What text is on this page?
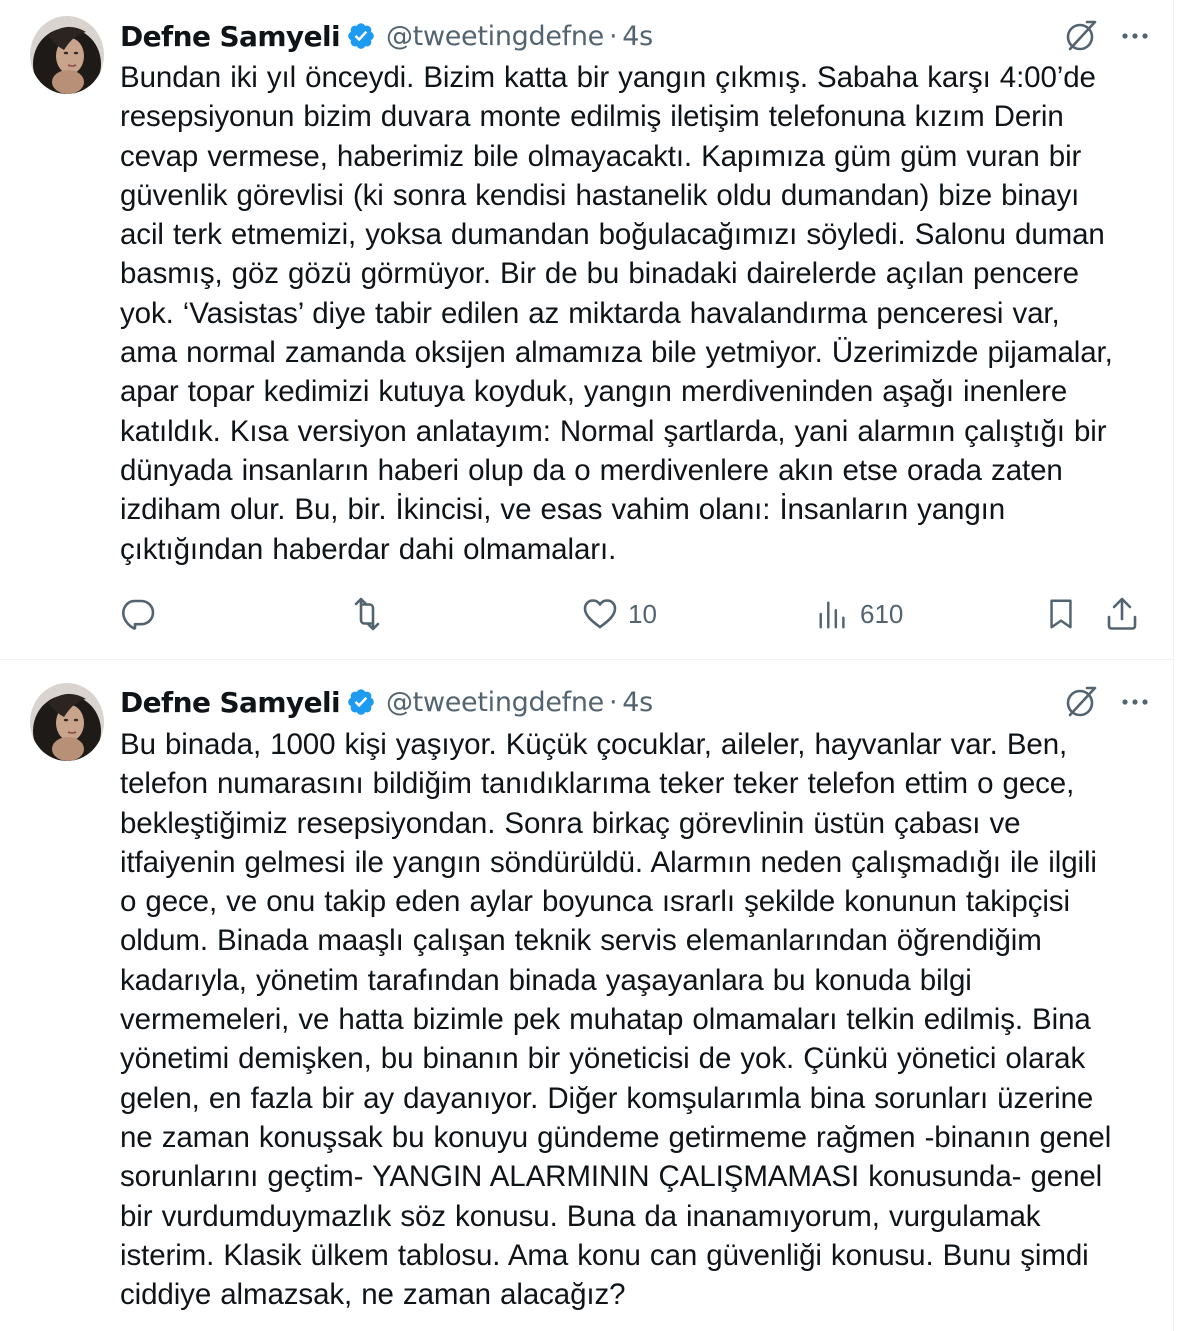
Defne Samyeli @tweetingdefne · 4s

Bundan iki yıl önceydi. Bizim katta bir yangın çıkmış. Sabaha karşı 4:00’de
resepsiyonun bizim duvara monte edilmiş iletişim telefonuna kızım Derin
cevap vermese, haberimiz bile olmayacaktı. Kapımıza güm güm vuran bir
güvenlik görevlisi (ki sonra kendisi hastanelik oldu dumandan) bize binayı
acil terk etmemizi, yoksa dumandan boğulacağımızı söyledi. Salonu duman
basmış, göz gözü görmüyor. Bir de bu binadaki dairelerde açılan pencere
yok. ‘Vasistas’ diye tabir edilen az miktarda havalandırma penceresi var,
ama normal zamanda oksijen almamıza bile yetmiyor. Üzerimizde pijamalar,
apar topar kedimizi kutuya koyduk, yangın merdiveninden aşağı inenlere
katıldık. Kısa versiyon anlatayım: Normal şartlarda, yani alarmın çalıştığı bir
dünyada insanların haberi olup da o merdivenlere akın etse orada zaten
izdiham olur. Bu, bir. İkincisi, ve esas vahim olanı: İnsanların yangın
çıktığından haberdar dahi olmamaları.

10	610
Defne Samyeli @tweetingdefne · 4s

Bu binada, 1000 kişi yaşıyor. Küçük çocuklar, aileler, hayvanlar var. Ben,
telefon numarasını bildiğim tanıdıklarıma teker teker telefon ettim o gece,
bekleştiğimiz resepsiyondan. Sonra birkaç görevlinin üstün çabası ve
itfaiyenin gelmesi ile yangın söndürüldü. Alarmın neden çalışmadığı ile ilgili
o gece, ve onu takip eden aylar boyunca ısrarlı şekilde konunun takipçisi
oldum. Binada maaşlı çalışan teknik servis elemanlarından öğrendiğim
kadarıyla, yönetim tarafından binada yaşayanlara bu konuda bilgi
vermemeleri, ve hatta bizimle pek muhatap olmamaları telkin edilmiş. Bina
yönetimi demişken, bu binanın bir yöneticisi de yok. Çünkü yönetici olarak
gelen, en fazla bir ay dayanıyor. Diğer komşularımla bina sorunları üzerine
ne zaman konuşsak bu konuyu gündeme getirmeme rağmen -binanın genel
sorunlarını geçtim- YANGIN ALARMININ ÇALIŞMAMASI konusunda- genel
bir vurdumduymazlık söz konusu. Buna da inanamıyorum, vurgulamak
isterim. Klasik ülkem tablosu. Ama konu can güvenliği konusu. Bunu şimdi
ciddiye almazsak, ne zaman alacağız?
